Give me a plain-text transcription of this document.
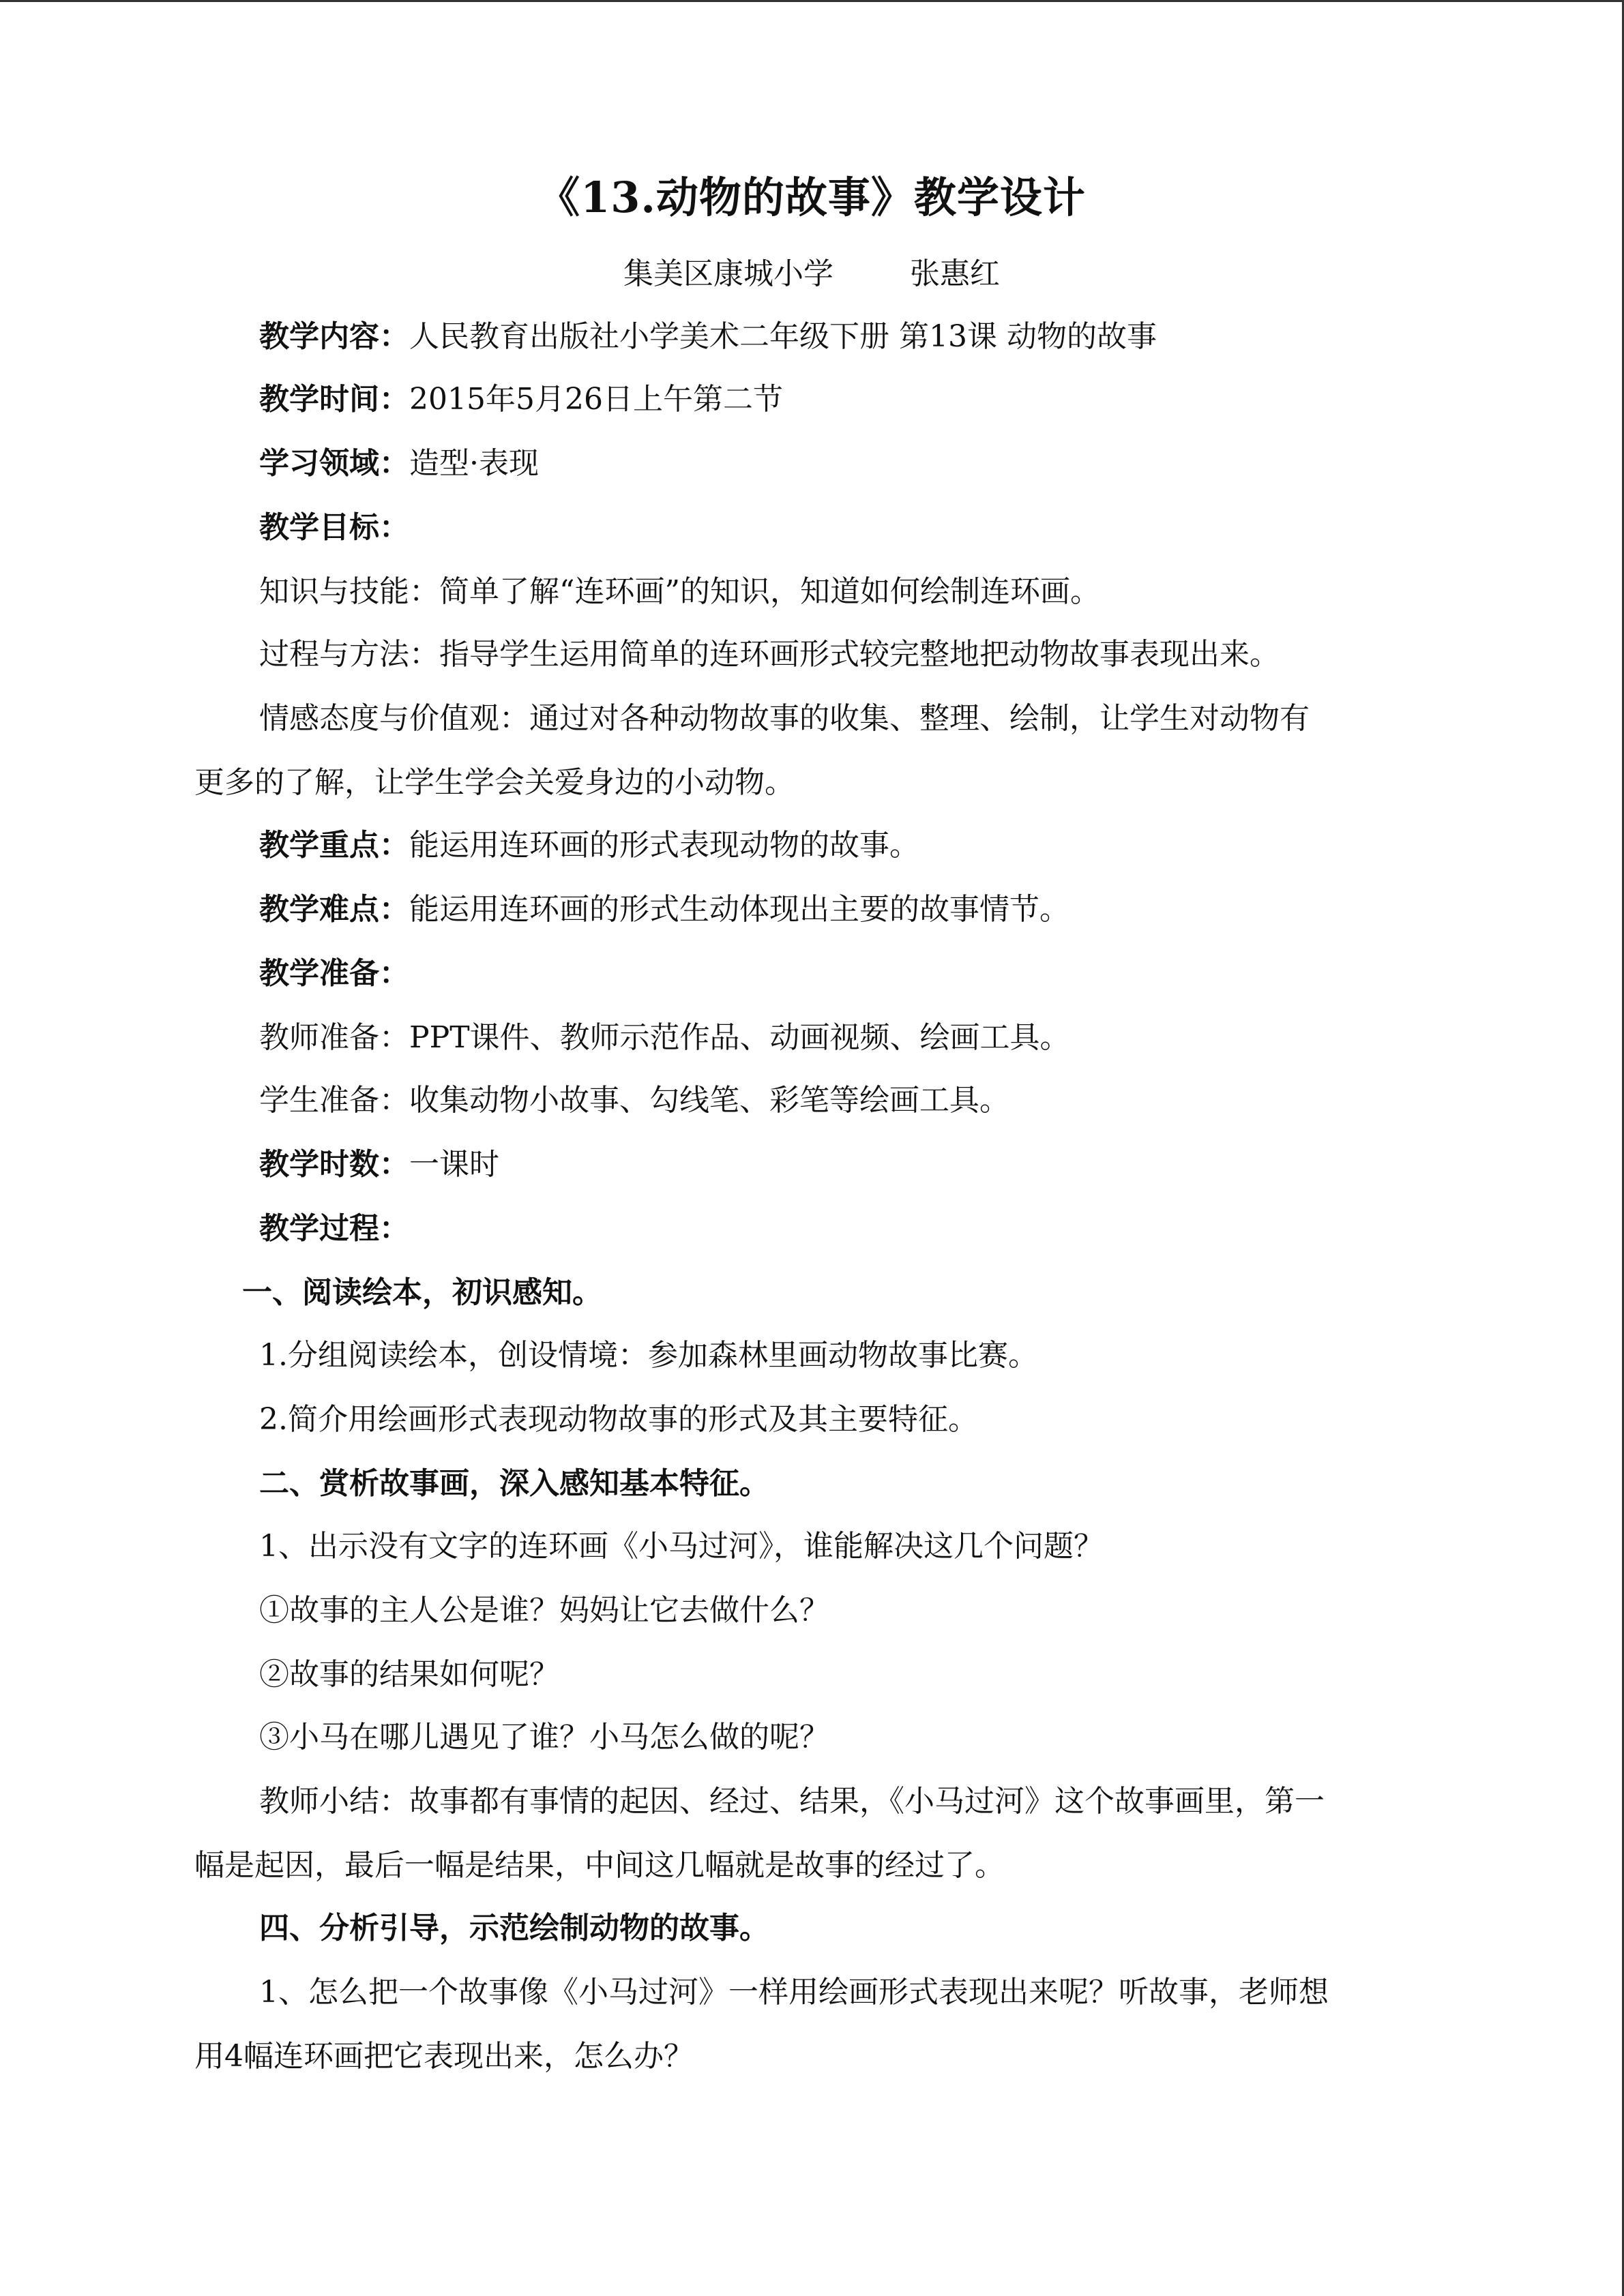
《13.动物的故事》教学设计
集美区康城小学	张惠红
教学内容：人民教育出版社小学美术二年级下册 第13课 动物的故事
教学时间：2015年5月26日上午第二节
学习领域：造型·表现
教学目标：
知识与技能：简单了解“连环画”的知识，知道如何绘制连环画。
过程与方法：指导学生运用简单的连环画形式较完整地把动物故事表现出来。
情感态度与价值观：通过对各种动物故事的收集、整理、绘制，让学生对动物有
更多的了解，让学生学会关爱身边的小动物。
教学重点：能运用连环画的形式表现动物的故事。
教学难点：能运用连环画的形式生动体现出主要的故事情节。
教学准备：
教师准备：PPT课件、教师示范作品、动画视频、绘画工具。
学生准备：收集动物小故事、勾线笔、彩笔等绘画工具。
教学时数：一课时
教学过程：
一、阅读绘本，初识感知。
1.分组阅读绘本，创设情境：参加森林里画动物故事比赛。
2.简介用绘画形式表现动物故事的形式及其主要特征。
二、赏析故事画，深入感知基本特征。
1、出示没有文字的连环画《小马过河》，谁能解决这几个问题？
①故事的主人公是谁？妈妈让它去做什么？
②故事的结果如何呢？
③小马在哪儿遇见了谁？小马怎么做的呢？
教师小结：故事都有事情的起因、经过、结果，《小马过河》这个故事画里，第一
幅是起因，最后一幅是结果，中间这几幅就是故事的经过了。
四、分析引导，示范绘制动物的故事。
1、怎么把一个故事像《小马过河》一样用绘画形式表现出来呢？听故事，老师想
用4幅连环画把它表现出来，怎么办？
